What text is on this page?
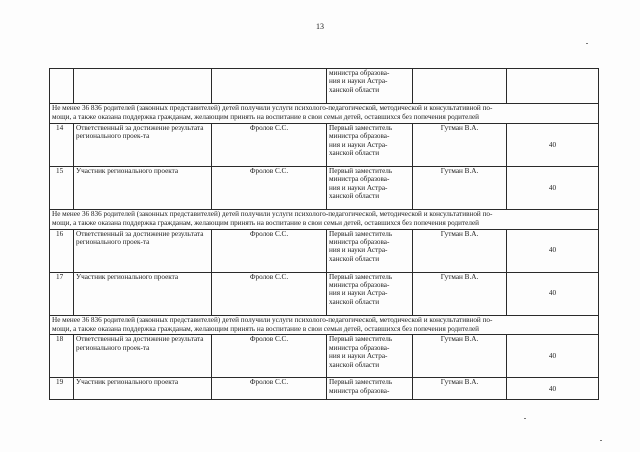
13

			министра образова-
ния и науки Астра-
ханской области		

Не менее 36 836 родителей (законных представителей) детей получили услуги психолого-педагогической, методической и консультативной по-
мощи, а также оказана поддержка гражданам, желающим принять на воспитание в свои семьи детей, оставшихся без попечения родителей					

14	Ответственный за достижение результата регионального проек-та	Фролов С.С.	Первый заместитель
министра образова-
ния и науки Астра-
ханской области	Гутман В.А.	40
15	Участник регионального проекта	Фролов С.С.	Первый заместитель
министра образова-
ния и науки Астра-
ханской области	Гутман В.А.	40

Не менее 36 836 родителей (законных представителей) детей получили услуги психолого-педагогической, методической и консультативной по-
мощи, а также оказана поддержка гражданам, желающим принять на воспитание в свои семьи детей, оставшихся без попечения родителей					

16	Ответственный за достижение результата регионального проек-та	Фролов С.С.	Первый заместитель
министра образова-
ния и науки Астра-
ханской области	Гутман В.А.	40
17	Участник регионального проекта	Фролов С.С.	Первый заместитель
министра образова-
ния и науки Астра-
ханской области	Гутман В.А.	40

Не менее 36 836 родителей (законных представителей) детей получили услуги психолого-педагогической, методической и консультативной по-
мощи, а также оказана поддержка гражданам, желающим принять на воспитание в свои семьи детей, оставшихся без попечения родителей					

18	Ответственный за достижение результата регионального проек-та	Фролов С.С.	Первый заместитель
министра образова-
ния и науки Астра-
ханской области	Гутман В.А.	40
19	Участник регионального проекта	Фролов С.С.	Первый заместитель
министра образова-	Гутман В.А.	40
